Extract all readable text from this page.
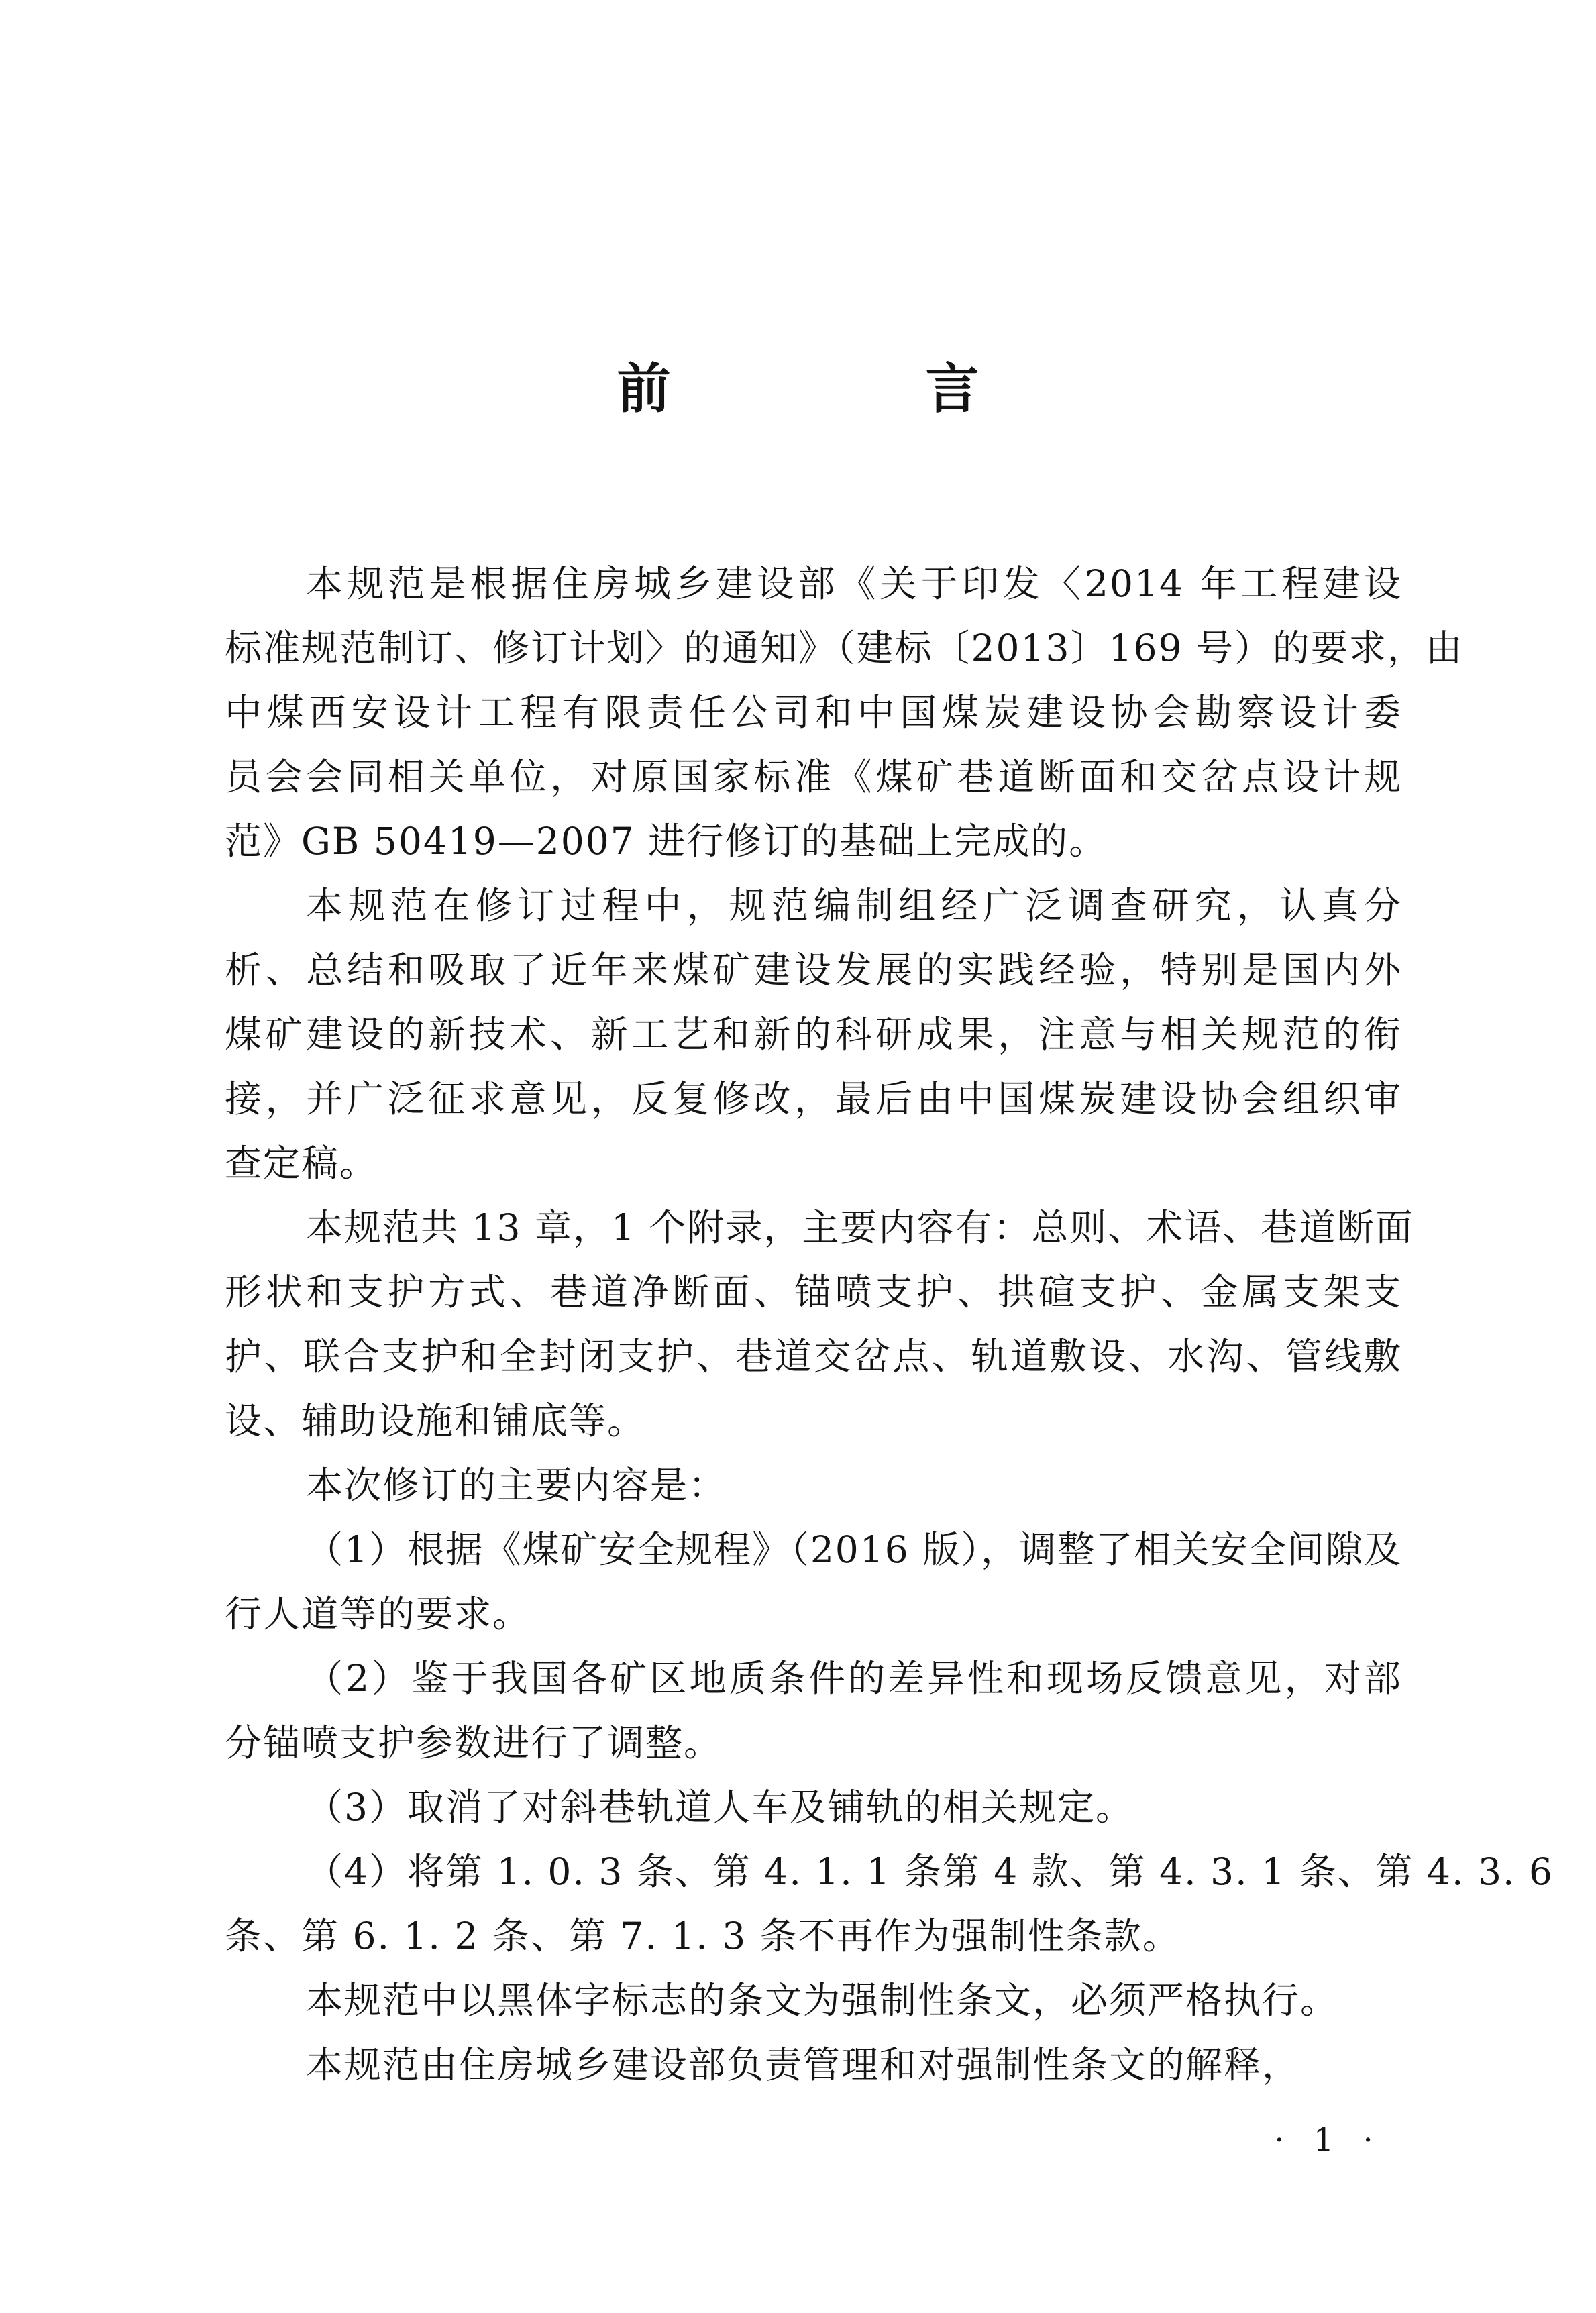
前　言

本规范是根据住房城乡建设部《关于印发〈2014 年工程建设 标准规范制订、修订计划〉的通知》（建标〔2013〕169 号）的要求，由 中煤西安设计工程有限责任公司和中国煤炭建设协会勘察设计委 员会会同相关单位，对原国家标准《煤矿巷道断面和交岔点设计规 范》GB 50419—2007 进行修订的基础上完成的。

本规范在修订过程中，规范编制组经广泛调查研究，认真分 析、总结和吸取了近年来煤矿建设发展的实践经验，特别是国内外 煤矿建设的新技术、新工艺和新的科研成果，注意与相关规范的衔 接，并广泛征求意见，反复修改，最后由中国煤炭建设协会组织审 查定稿。

本规范共 13 章，1 个附录，主要内容有：总则、术语、巷道断面 形状和支护方式、巷道净断面、锚喷支护、拱碹支护、金属支架支 护、联合支护和全封闭支护、巷道交岔点、轨道敷设、水沟、管线敷 设、辅助设施和铺底等。

本次修订的主要内容是：

（1）根据《煤矿安全规程》（2016 版），调整了相关安全间隙及 行人道等的要求。

（2）鉴于我国各矿区地质条件的差异性和现场反馈意见，对部 分锚喷支护参数进行了调整。

（3）取消了对斜巷轨道人车及铺轨的相关规定。

（4）将第 1. 0. 3 条、第 4. 1. 1 条第 4 款、第 4. 3. 1 条、第 4. 3. 6 条、第 6. 1. 2 条、第 7. 1. 3 条不再作为强制性条款。

本规范中以黑体字标志的条文为强制性条文，必须严格执行。

本规范由住房城乡建设部负责管理和对强制性条文的解释，

· 1 ·
